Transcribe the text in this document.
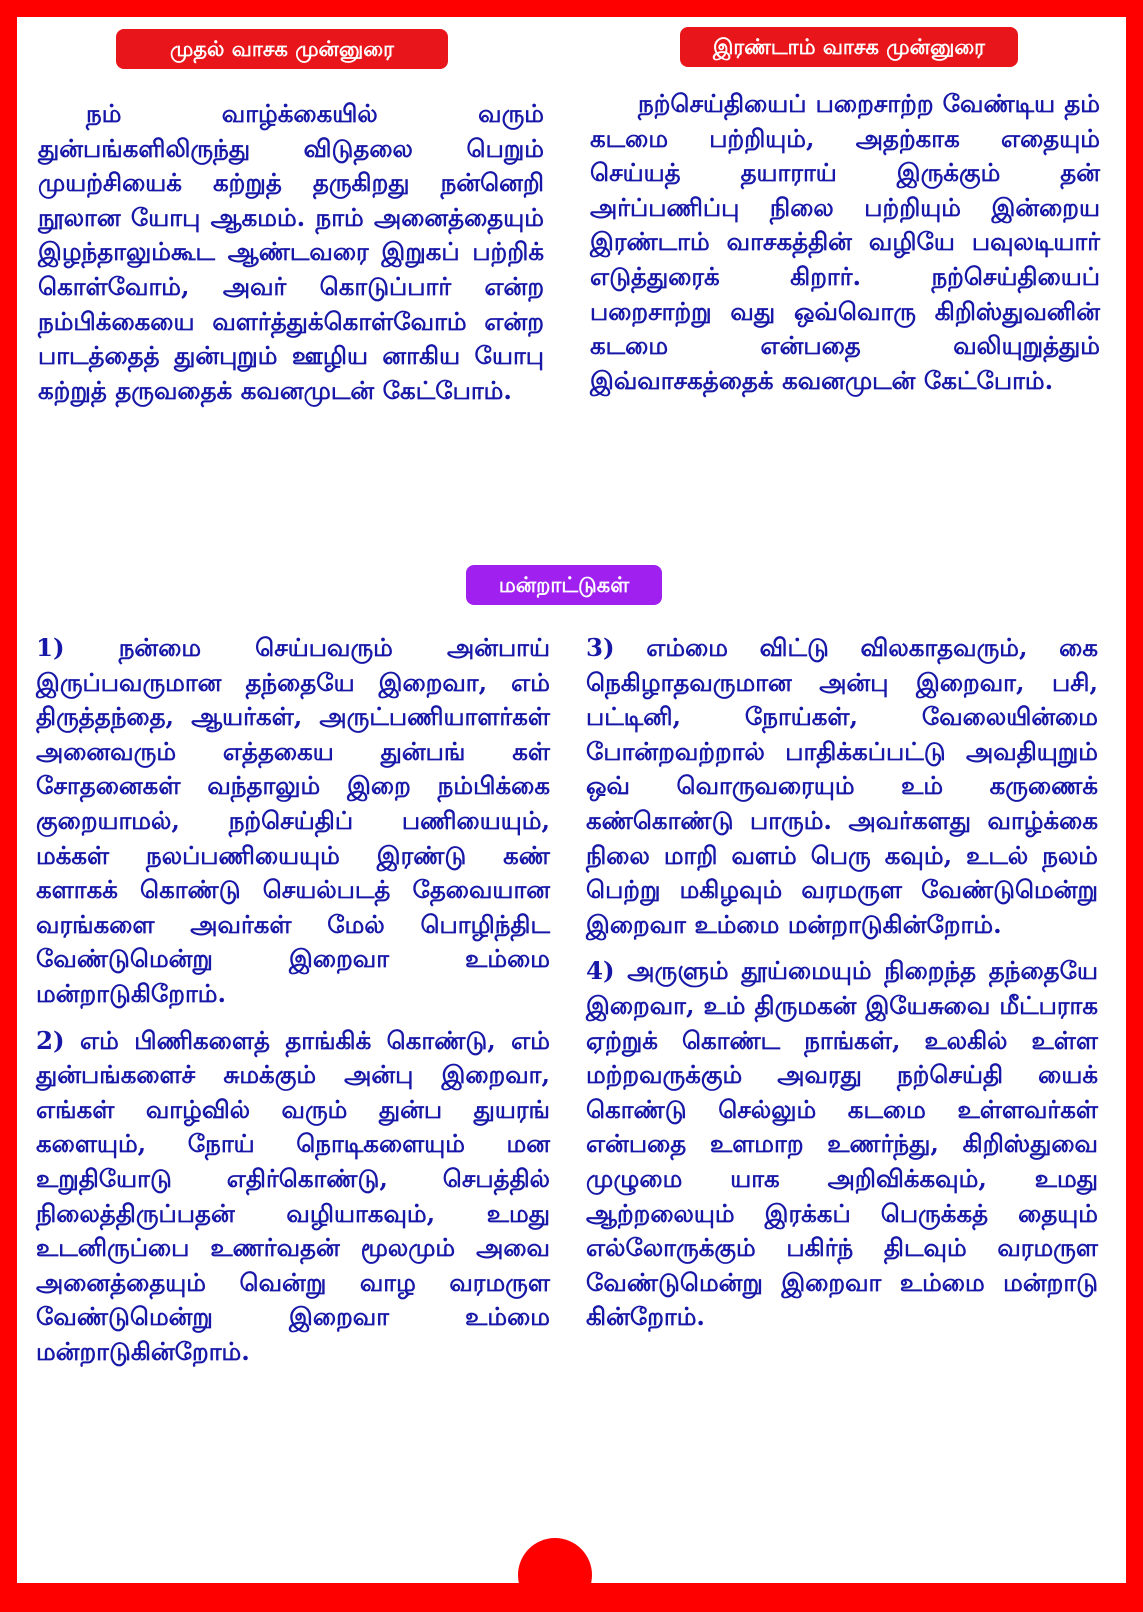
முதல் வாசக முன்னுரை	இரண்டாம் வாசக முன்னுரை

நம் வாழ்க்கையில் வரும் துன்பங்களிலிருந்து விடுதலை பெறும் முயற்சியைக் கற்றுத் தருகிறது நன்னெறி நூலான யோபு ஆகமம். நாம் அனைத்தையும் இழந்தாலும்கூட ஆண்டவரை இறுகப் பற்றிக் கொள்வோம், அவர் கொடுப்பார் என்ற நம்பிக்கையை வளர்த்துக்கொள்வோம் என்ற பாடத்தைத் துன்புறும் ஊழிய னாகிய யோபு கற்றுத் தருவதைக் கவனமுடன் கேட்போம்.

நற்செய்தியைப் பறைசாற்ற வேண்டிய தம் கடமை பற்றியும், அதற்காக எதையும் செய்யத் தயாராய் இருக்கும் தன் அர்ப்பணிப்பு நிலை பற்றியும் இன்றைய இரண்டாம் வாசகத்தின் வழியே பவுலடியார் எடுத்துரைக் கிறார். நற்செய்தியைப் பறைசாற்று வது ஒவ்வொரு கிறிஸ்துவனின் கடமை என்பதை வலியுறுத்தும் இவ்வாசகத்தைக் கவனமுடன் கேட்போம்.

மன்றாட்டுகள்

1) நன்மை செய்பவரும் அன்பாய் இருப்பவருமான தந்தையே இறைவா, எம் திருத்தந்தை, ஆயர்கள், அருட்பணியாளர்கள் அனைவரும் எத்தகைய துன்பங் கள் சோதனைகள் வந்தாலும் இறை நம்பிக்கை குறையாமல், நற்செய்திப் பணியையும், மக்கள் நலப்பணியையும் இரண்டு கண் களாகக் கொண்டு செயல்படத் தேவையான வரங்களை அவர்கள் மேல் பொழிந்திட வேண்டுமென்று இறைவா உம்மை மன்றாடுகிறோம்.

2) எம் பிணிகளைத் தாங்கிக் கொண்டு, எம் துன்பங்களைச் சுமக்கும் அன்பு இறைவா, எங்கள் வாழ்வில் வரும் துன்ப துயரங் களையும், நோய் நொடிகளையும் மன உறுதியோடு எதிர்கொண்டு, செபத்தில் நிலைத்திருப்பதன் வழியாகவும், உமது உடனிருப்பை உணர்வதன் மூலமும் அவை அனைத்தையும் வென்று வாழ வரமருள வேண்டுமென்று இறைவா உம்மை மன்றாடுகின்றோம்.

3) எம்மை விட்டு விலகாதவரும், கை நெகிழாதவருமான அன்பு இறைவா, பசி, பட்டினி, நோய்கள், வேலையின்மை போன்றவற்றால் பாதிக்கப்பட்டு அவதியுறும் ஒவ் வொருவரையும் உம் கருணைக் கண்கொண்டு பாரும். அவர்களது வாழ்க்கை நிலை மாறி வளம் பெரு கவும், உடல் நலம் பெற்று மகிழவும் வரமருள வேண்டுமென்று இறைவா உம்மை மன்றாடுகின்றோம்.

4) அருளும் தூய்மையும் நிறைந்த தந்தையே இறைவா, உம் திருமகன் இயேசுவை மீட்பராக ஏற்றுக் கொண்ட நாங்கள், உலகில் உள்ள மற்றவருக்கும் அவரது நற்செய்தி யைக் கொண்டு செல்லும் கடமை உள்ளவர்கள் என்பதை உளமாற உணர்ந்து, கிறிஸ்துவை முழுமை யாக அறிவிக்கவும், உமது ஆற்றலையும் இரக்கப் பெருக்கத் தையும் எல்லோருக்கும் பகிர்ந் திடவும் வரமருள வேண்டுமென்று இறைவா உம்மை மன்றாடு கின்றோம்.
